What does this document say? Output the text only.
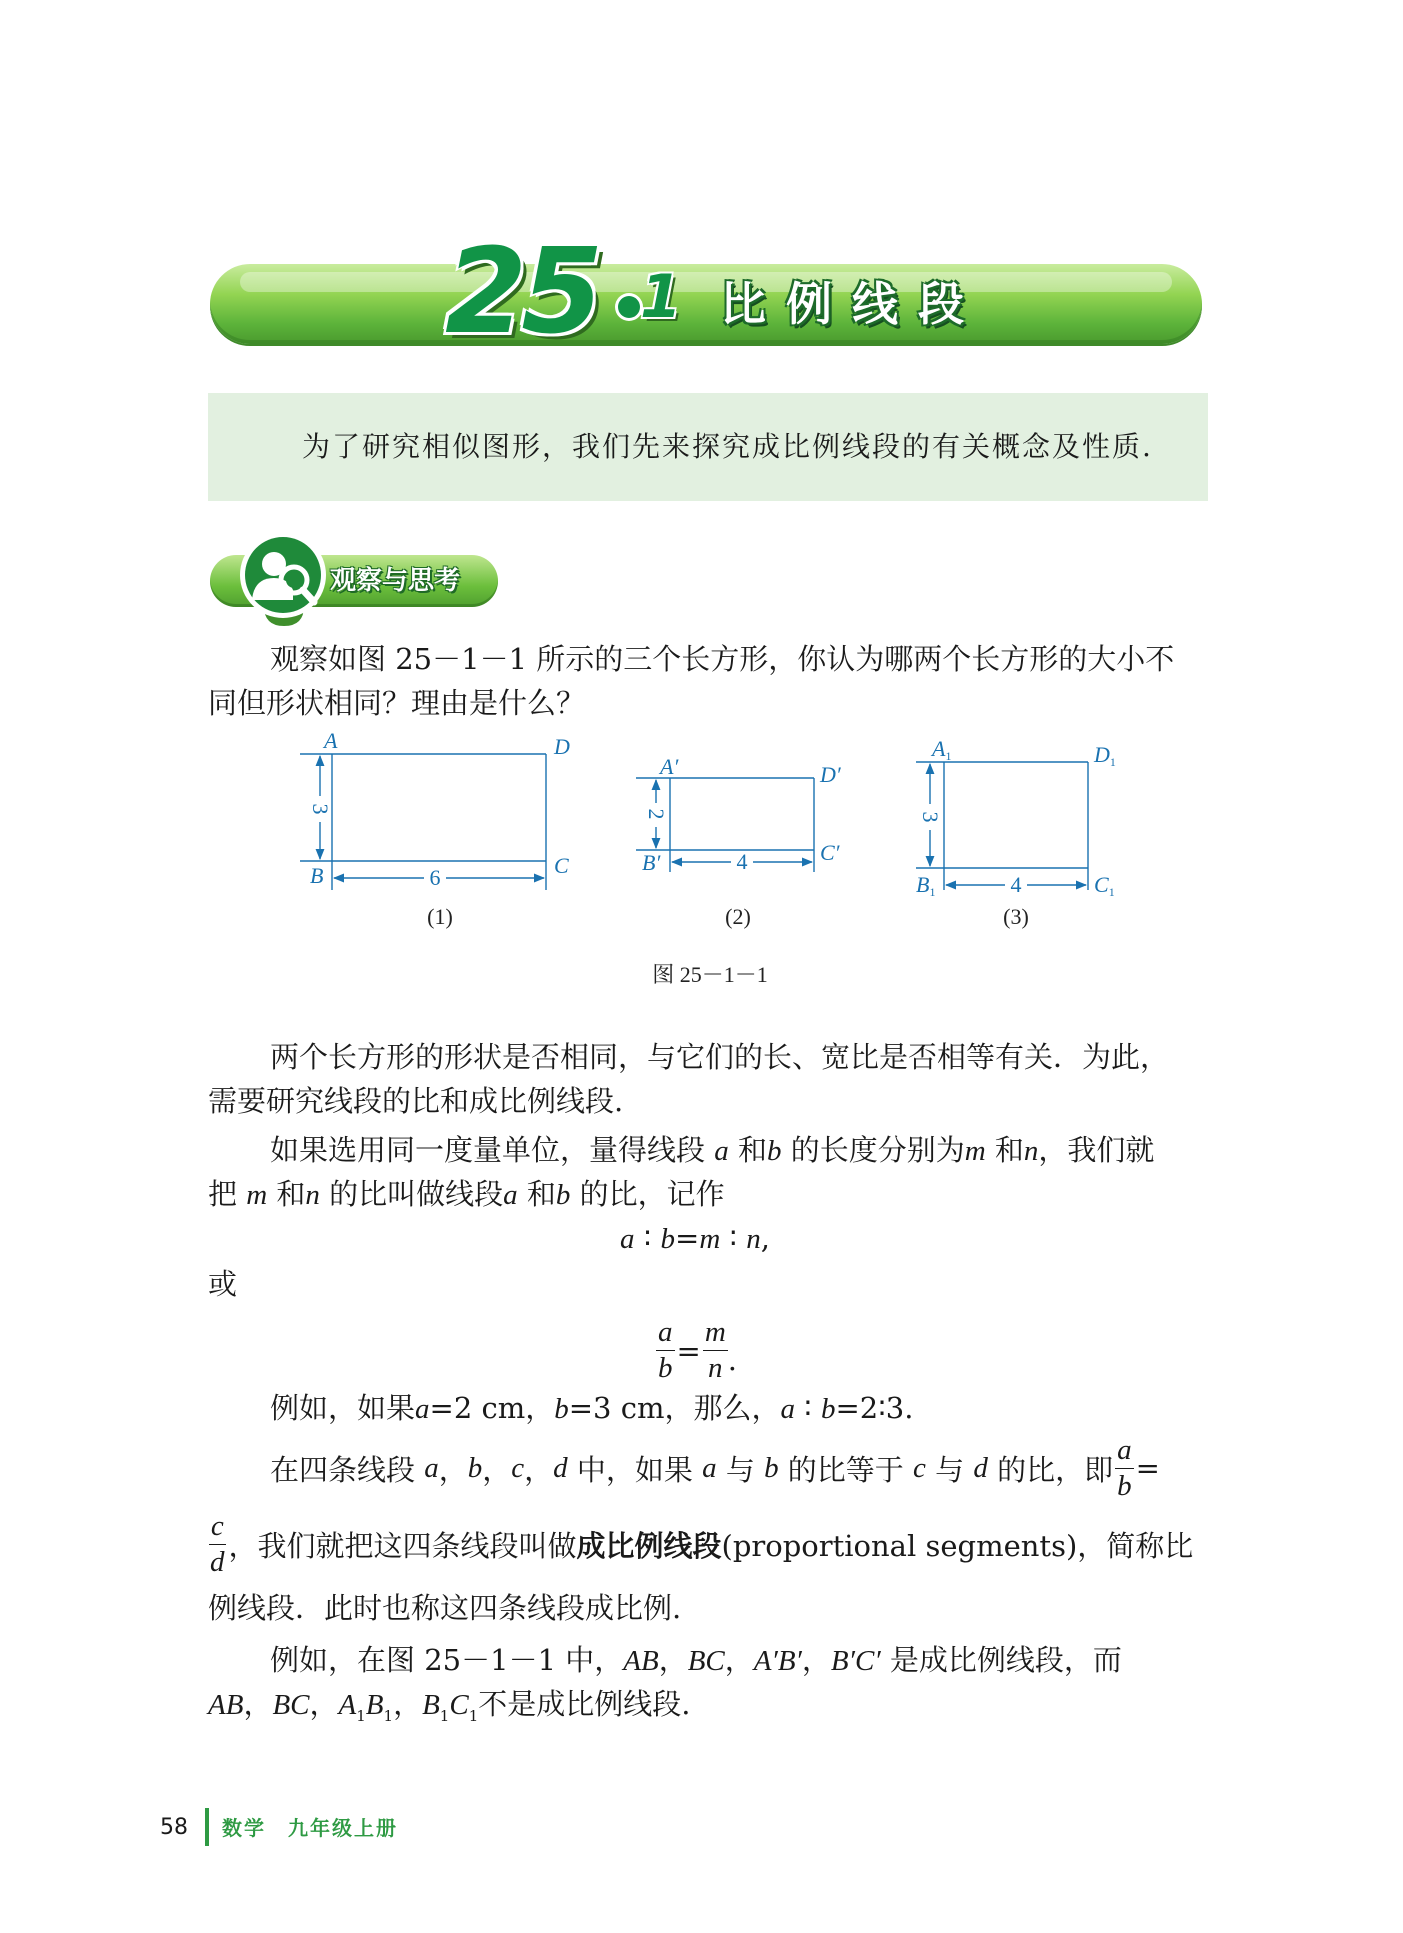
25 1 比例线段
为了研究相似图形，我们先来探究成比例线段的有关概念及性质.
观察与思考
观察如图 25－1－1 所示的三个长方形，你认为哪两个长方形的大小不
同但形状相同？理由是什么？
3
6
A	D
B	C
(1)
2
4
A′	D′
B′	C′
(2)
3
4
A1	D1
B1	C1
(3)
图 25－1－1
两个长方形的形状是否相同，与它们的长、宽比是否相等有关．为此，
需要研究线段的比和成比例线段.
如果选用同一度量单位，量得线段 a 和b 的长度分别为m 和n，我们就
把 m 和n 的比叫做线段a 和b 的比，记作
a ∶ b=m ∶ n,
或
$\frac{a}{b} = \frac{m}{n}$ .
例如，如果a=2 cm，b=3 cm，那么，a ∶ b=2∶3.
在四条线段
a ， b ， c ， d
中，如果
a
与
b
的比等于
c
与
d
的比，即 $\frac{a}{b}$ =
$\frac{c}{d}$ ，我们就把这四条线段叫做 成比例线段 (proportional segments)，简称比
例线段．此时也称这四条线段成比例.
例如，在图 25－1－1 中，AB，BC，A′B′，B′C′ 是成比例线段，而
AB，BC，$A_1B_1$，$B_1C_1$不是成比例线段.
58 数学　九年级上册
